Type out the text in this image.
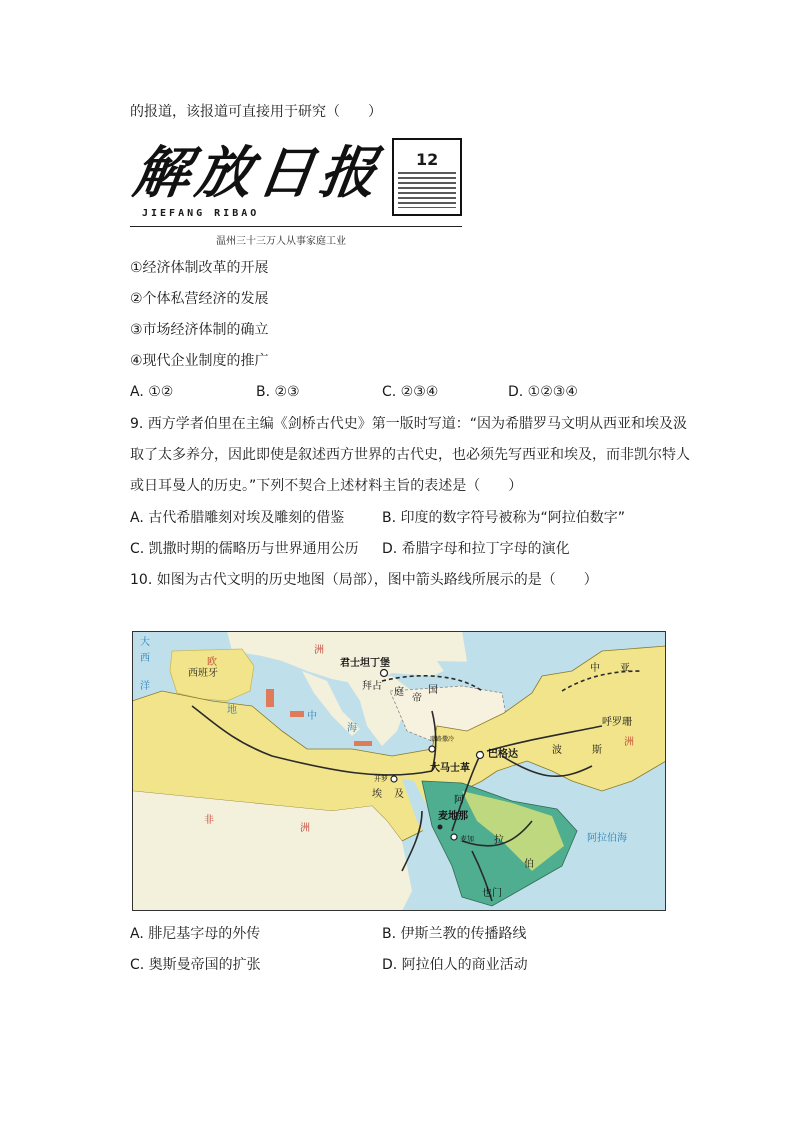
的报道，该报道可直接用于研究（　　）
解放日报
JIEFANG RIBAO
12
温州三十三万人从事家庭工业
①经济体制改革的开展
②个体私营经济的发展
③市场经济体制的确立
④现代企业制度的推广
A. ①②	B. ②③	C. ②③④	D. ①②③④
9. 西方学者伯里在主编《剑桥古代史》第一版时写道：“因为希腊罗马文明从西亚和埃及汲
取了太多养分，因此即使是叙述西方世界的古代史，也必须先写西亚和埃及，而非凯尔特人
或日耳曼人的历史。”下列不契合上述材料主旨的表述是（　　）
A. 古代希腊雕刻对埃及雕刻的借鉴	B. 印度的数字符号被称为“阿拉伯数字”
C. 凯撒时期的儒略历与世界通用公历 D. 希腊字母和拉丁字母的演化
10. 如图为古代文明的历史地图（局部），图中箭头路线所展示的是（　　）
大
西
洋
欧
洲
西班牙
地
中
海
君士坦丁堡
拜占
庭
帝
国
耶路撒冷
大马士革
巴格达	波	斯
中 亚
呼罗珊
洲
开罗
埃 及
非
洲
阿
拉
伯
麦地那
麦加
也门
阿拉伯海
A. 腓尼基字母的外传	B. 伊斯兰教的传播路线
C. 奥斯曼帝国的扩张	D. 阿拉伯人的商业活动
